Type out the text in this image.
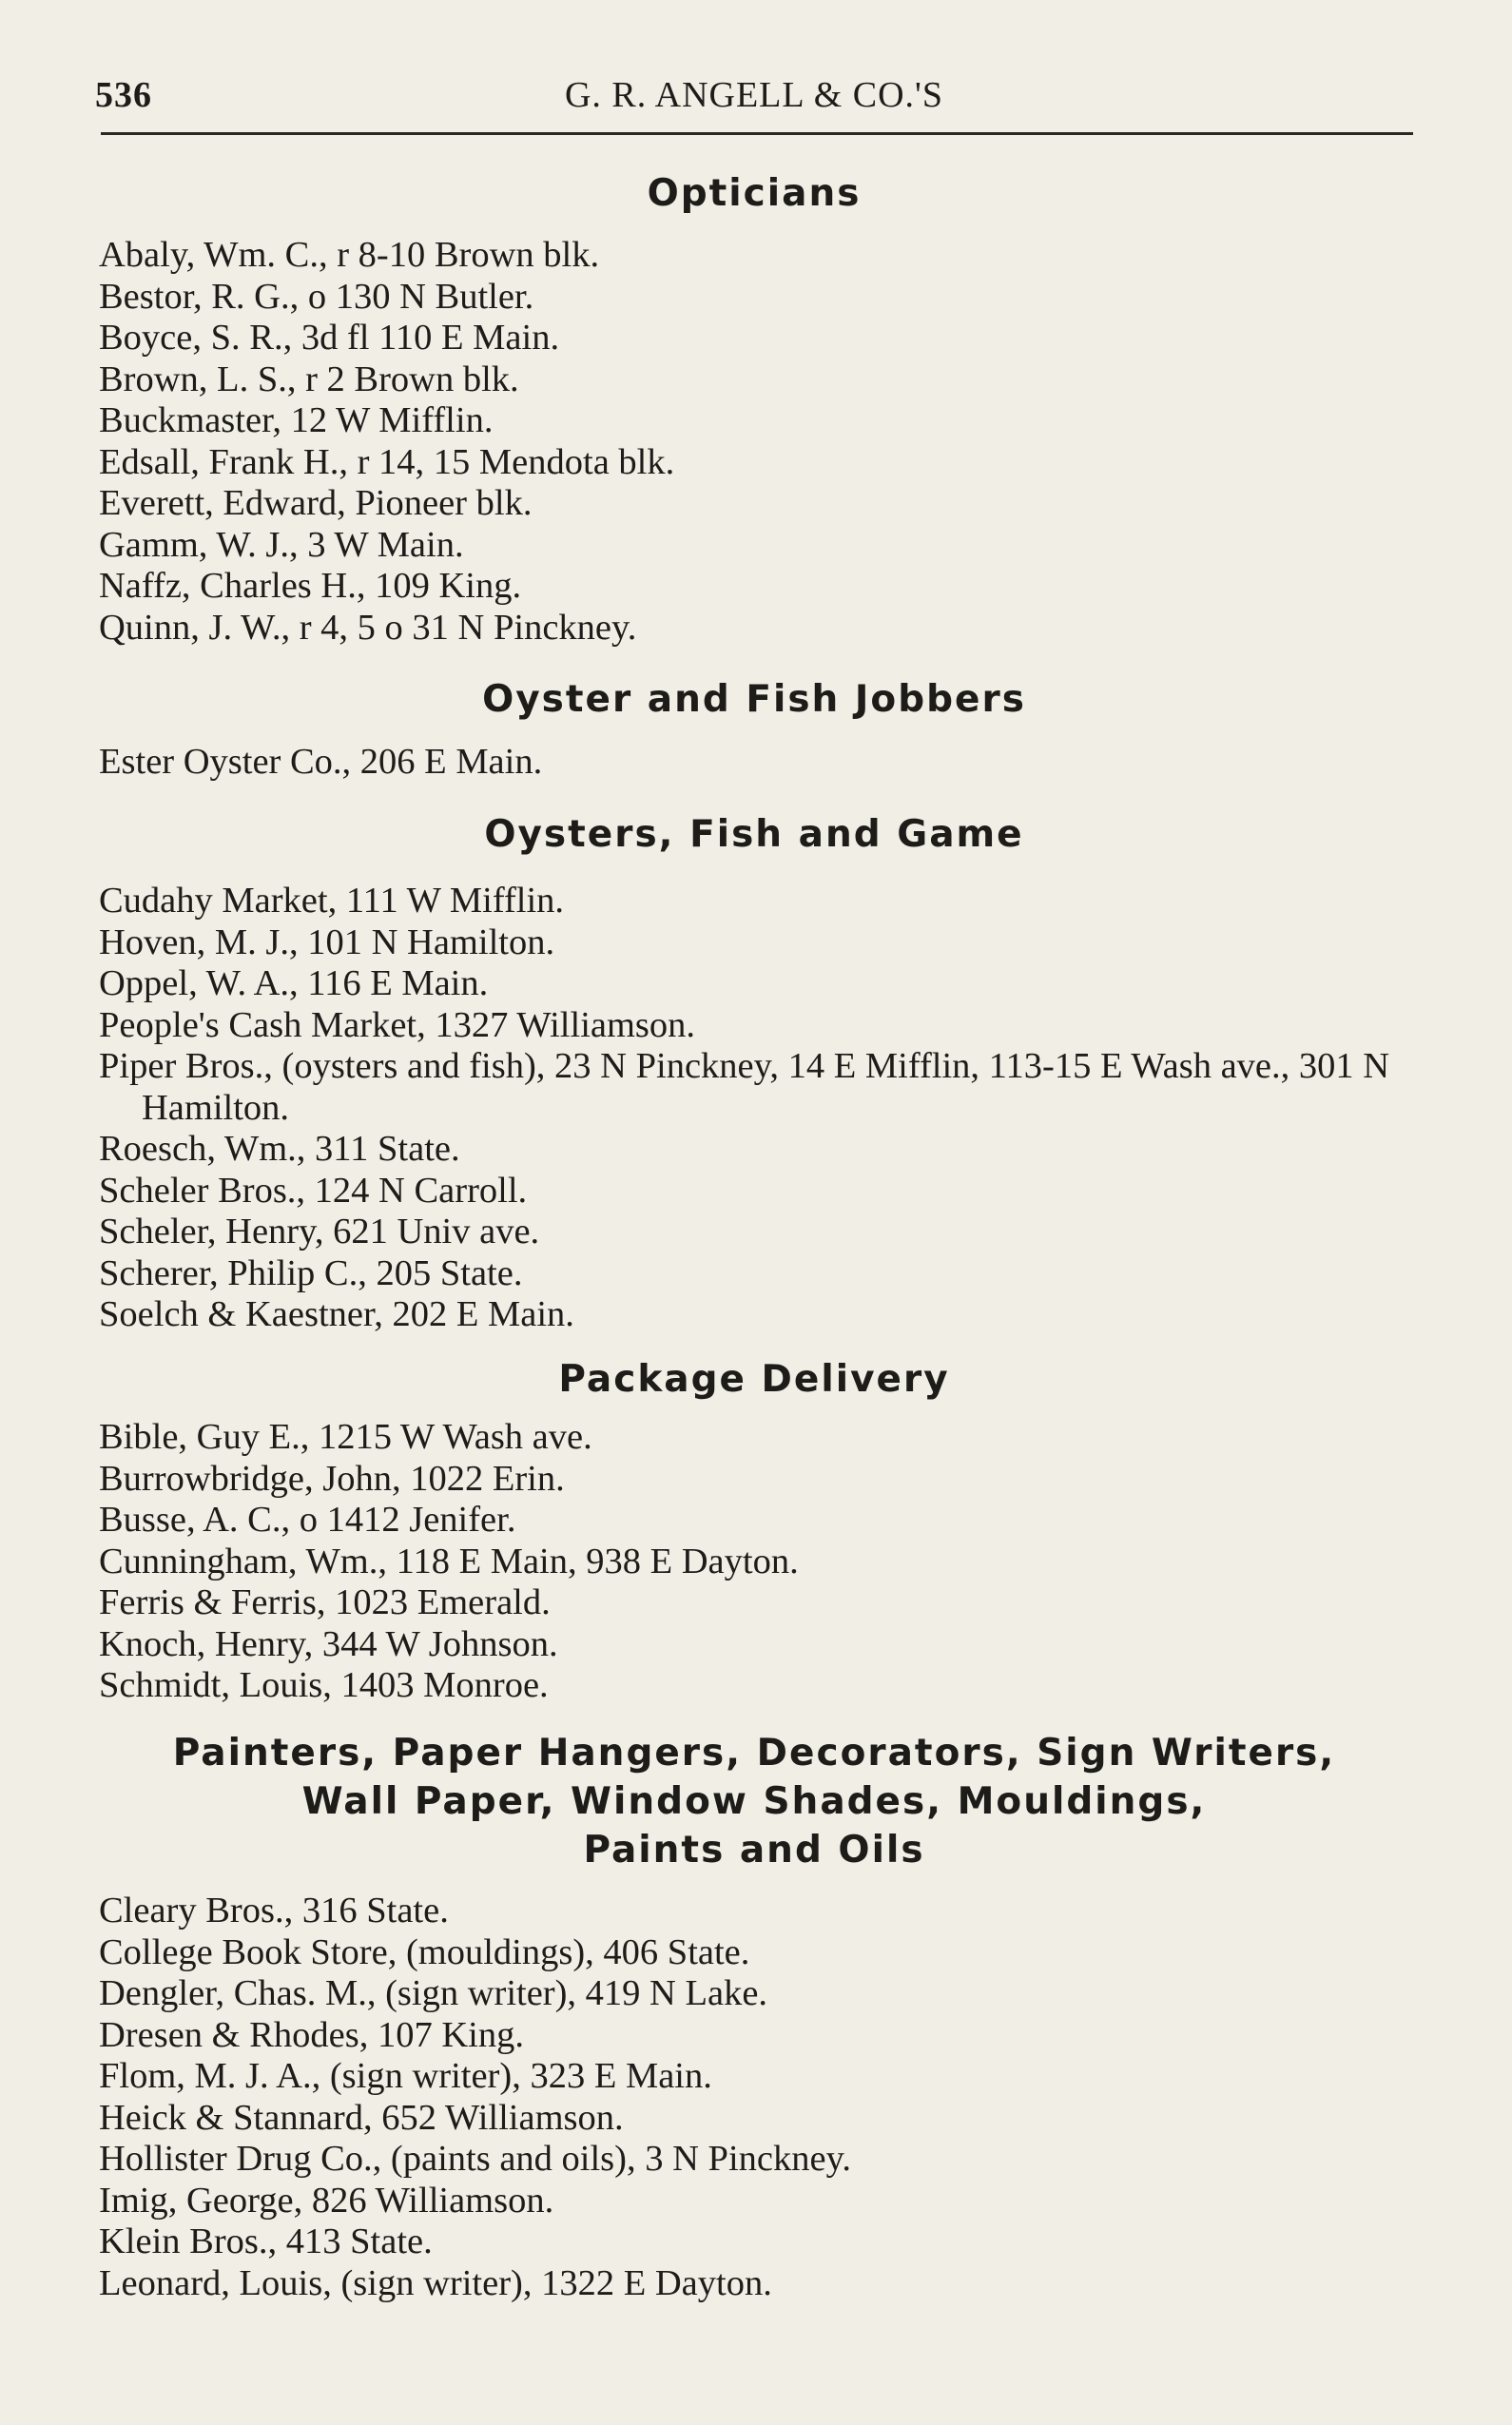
536	G. R. ANGELL & CO.'S
Opticians
Abaly, Wm. C., r 8-10 Brown blk.
Bestor, R. G., o 130 N Butler.
Boyce, S. R., 3d fl 110 E Main.
Brown, L. S., r 2 Brown blk.
Buckmaster, 12 W Mifflin.
Edsall, Frank H., r 14, 15 Mendota blk.
Everett, Edward, Pioneer blk.
Gamm, W. J., 3 W Main.
Naffz, Charles H., 109 King.
Quinn, J. W., r 4, 5 o 31 N Pinckney.
Oyster and Fish Jobbers
Ester Oyster Co., 206 E Main.
Oysters, Fish and Game
Cudahy Market, 111 W Mifflin.
Hoven, M. J., 101 N Hamilton.
Oppel, W. A., 116 E Main.
People's Cash Market, 1327 Williamson.
Piper Bros., (oysters and fish), 23 N Pinckney, 14 E Mifflin, 113-15 E Wash ave., 301 N Hamilton.
Roesch, Wm., 311 State.
Scheler Bros., 124 N Carroll.
Scheler, Henry, 621 Univ ave.
Scherer, Philip C., 205 State.
Soelch & Kaestner, 202 E Main.
Package Delivery
Bible, Guy E., 1215 W Wash ave.
Burrowbridge, John, 1022 Erin.
Busse, A. C., o 1412 Jenifer.
Cunningham, Wm., 118 E Main, 938 E Dayton.
Ferris & Ferris, 1023 Emerald.
Knoch, Henry, 344 W Johnson.
Schmidt, Louis, 1403 Monroe.
Painters, Paper Hangers, Decorators, Sign Writers,
Wall Paper, Window Shades, Mouldings,
Paints and Oils
Cleary Bros., 316 State.
College Book Store, (mouldings), 406 State.
Dengler, Chas. M., (sign writer), 419 N Lake.
Dresen & Rhodes, 107 King.
Flom, M. J. A., (sign writer), 323 E Main.
Heick & Stannard, 652 Williamson.
Hollister Drug Co., (paints and oils), 3 N Pinckney.
Imig, George, 826 Williamson.
Klein Bros., 413 State.
Leonard, Louis, (sign writer), 1322 E Dayton.
